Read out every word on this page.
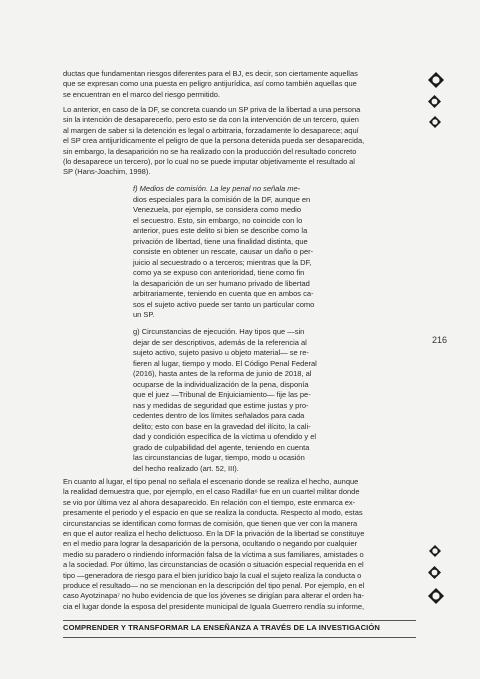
ductas que fundamentan riesgos diferentes para el BJ, es decir, son ciertamente aquellas
que se expresan como una puesta en peligro antijurídica, así como también aquellas que
se encuentran en el marco del riesgo permitido.
Lo anterior, en caso de la DF, se concreta cuando un SP priva de la libertad a una persona
sin la intención de desaparecerlo, pero esto se da con la intervención de un tercero, quien
al margen de saber si la detención es legal o arbitraria, forzadamente lo desaparece; aquí
el SP crea antijurídicamente el peligro de que la persona detenida pueda ser desaparecida,
sin embargo, la desaparición no se ha realizado con la producción del resultado concreto
(lo desaparece un tercero), por lo cual no se puede imputar objetivamente el resultado al
SP (Hans-Joachim, 1998).
f) Medios de comisión. La ley penal no señala me-
dios especiales para la comisión de la DF, aunque en
Venezuela, por ejemplo, se considera como medio
el secuestro. Esto, sin embargo, no coincide con lo
anterior, pues este delito si bien se describe como la
privación de libertad, tiene una finalidad distinta, que
consiste en obtener un rescate, causar un daño o per-
juicio al secuestrado o a terceros; mientras que la DF,
como ya se expuso con anterioridad, tiene como fin
la desaparición de un ser humano privado de libertad
arbitrariamente, teniendo en cuenta que en ambos ca-
sos el sujeto activo puede ser tanto un particular como
un SP.
g) Circunstancias de ejecución. Hay tipos que —sin
dejar de ser descriptivos, además de la referencia al
sujeto activo, sujeto pasivo u objeto material— se re-
fieren al lugar, tiempo y modo. El Código Penal Federal
(2016), hasta antes de la reforma de junio de 2018, al
ocuparse de la individualización de la pena, disponía
que el juez —Tribunal de Enjuiciamiento— fije las pe-
nas y medidas de seguridad que estime justas y pro-
cedentes dentro de los límites señalados para cada
delito; esto con base en la gravedad del ilícito, la cali-
dad y condición específica de la víctima u ofendido y el
grado de culpabilidad del agente, teniendo en cuenta
las circunstancias de lugar, tiempo, modo u ocasión
del hecho realizado (art. 52, III).
216
En cuanto al lugar, el tipo penal no señala el escenario donde se realiza el hecho, aunque
la realidad demuestra que, por ejemplo, en el caso Radilla⁶ fue en un cuartel militar donde
se vio por última vez al ahora desaparecido. En relación con el tiempo, este enmarca ex-
presamente el periodo y el espacio en que se realiza la conducta. Respecto al modo, estas
circunstancias se identifican como formas de comisión, que tienen que ver con la manera
en que el autor realiza el hecho delictuoso. En la DF la privación de la libertad se constituye
en el medio para lograr la desaparición de la persona, ocultando o negando por cualquier
medio su paradero o rindiendo información falsa de la víctima a sus familiares, amistades o
a la sociedad. Por último, las circunstancias de ocasión o situación especial requerida en el
tipo —generadora de riesgo para el bien jurídico bajo la cual el sujeto realiza la conducta o
produce el resultado— no se mencionan en la descripción del tipo penal. Por ejemplo, en el
caso Ayotzinapa⁷ no hubo evidencia de que los jóvenes se dirigían para alterar el orden ha-
cia el lugar donde la esposa del presidente municipal de Iguala Guerrero rendía su informe,
COMPRENDER Y TRANSFORMAR LA ENSEÑANZA A TRAVÉS DE LA INVESTIGACIÓN
